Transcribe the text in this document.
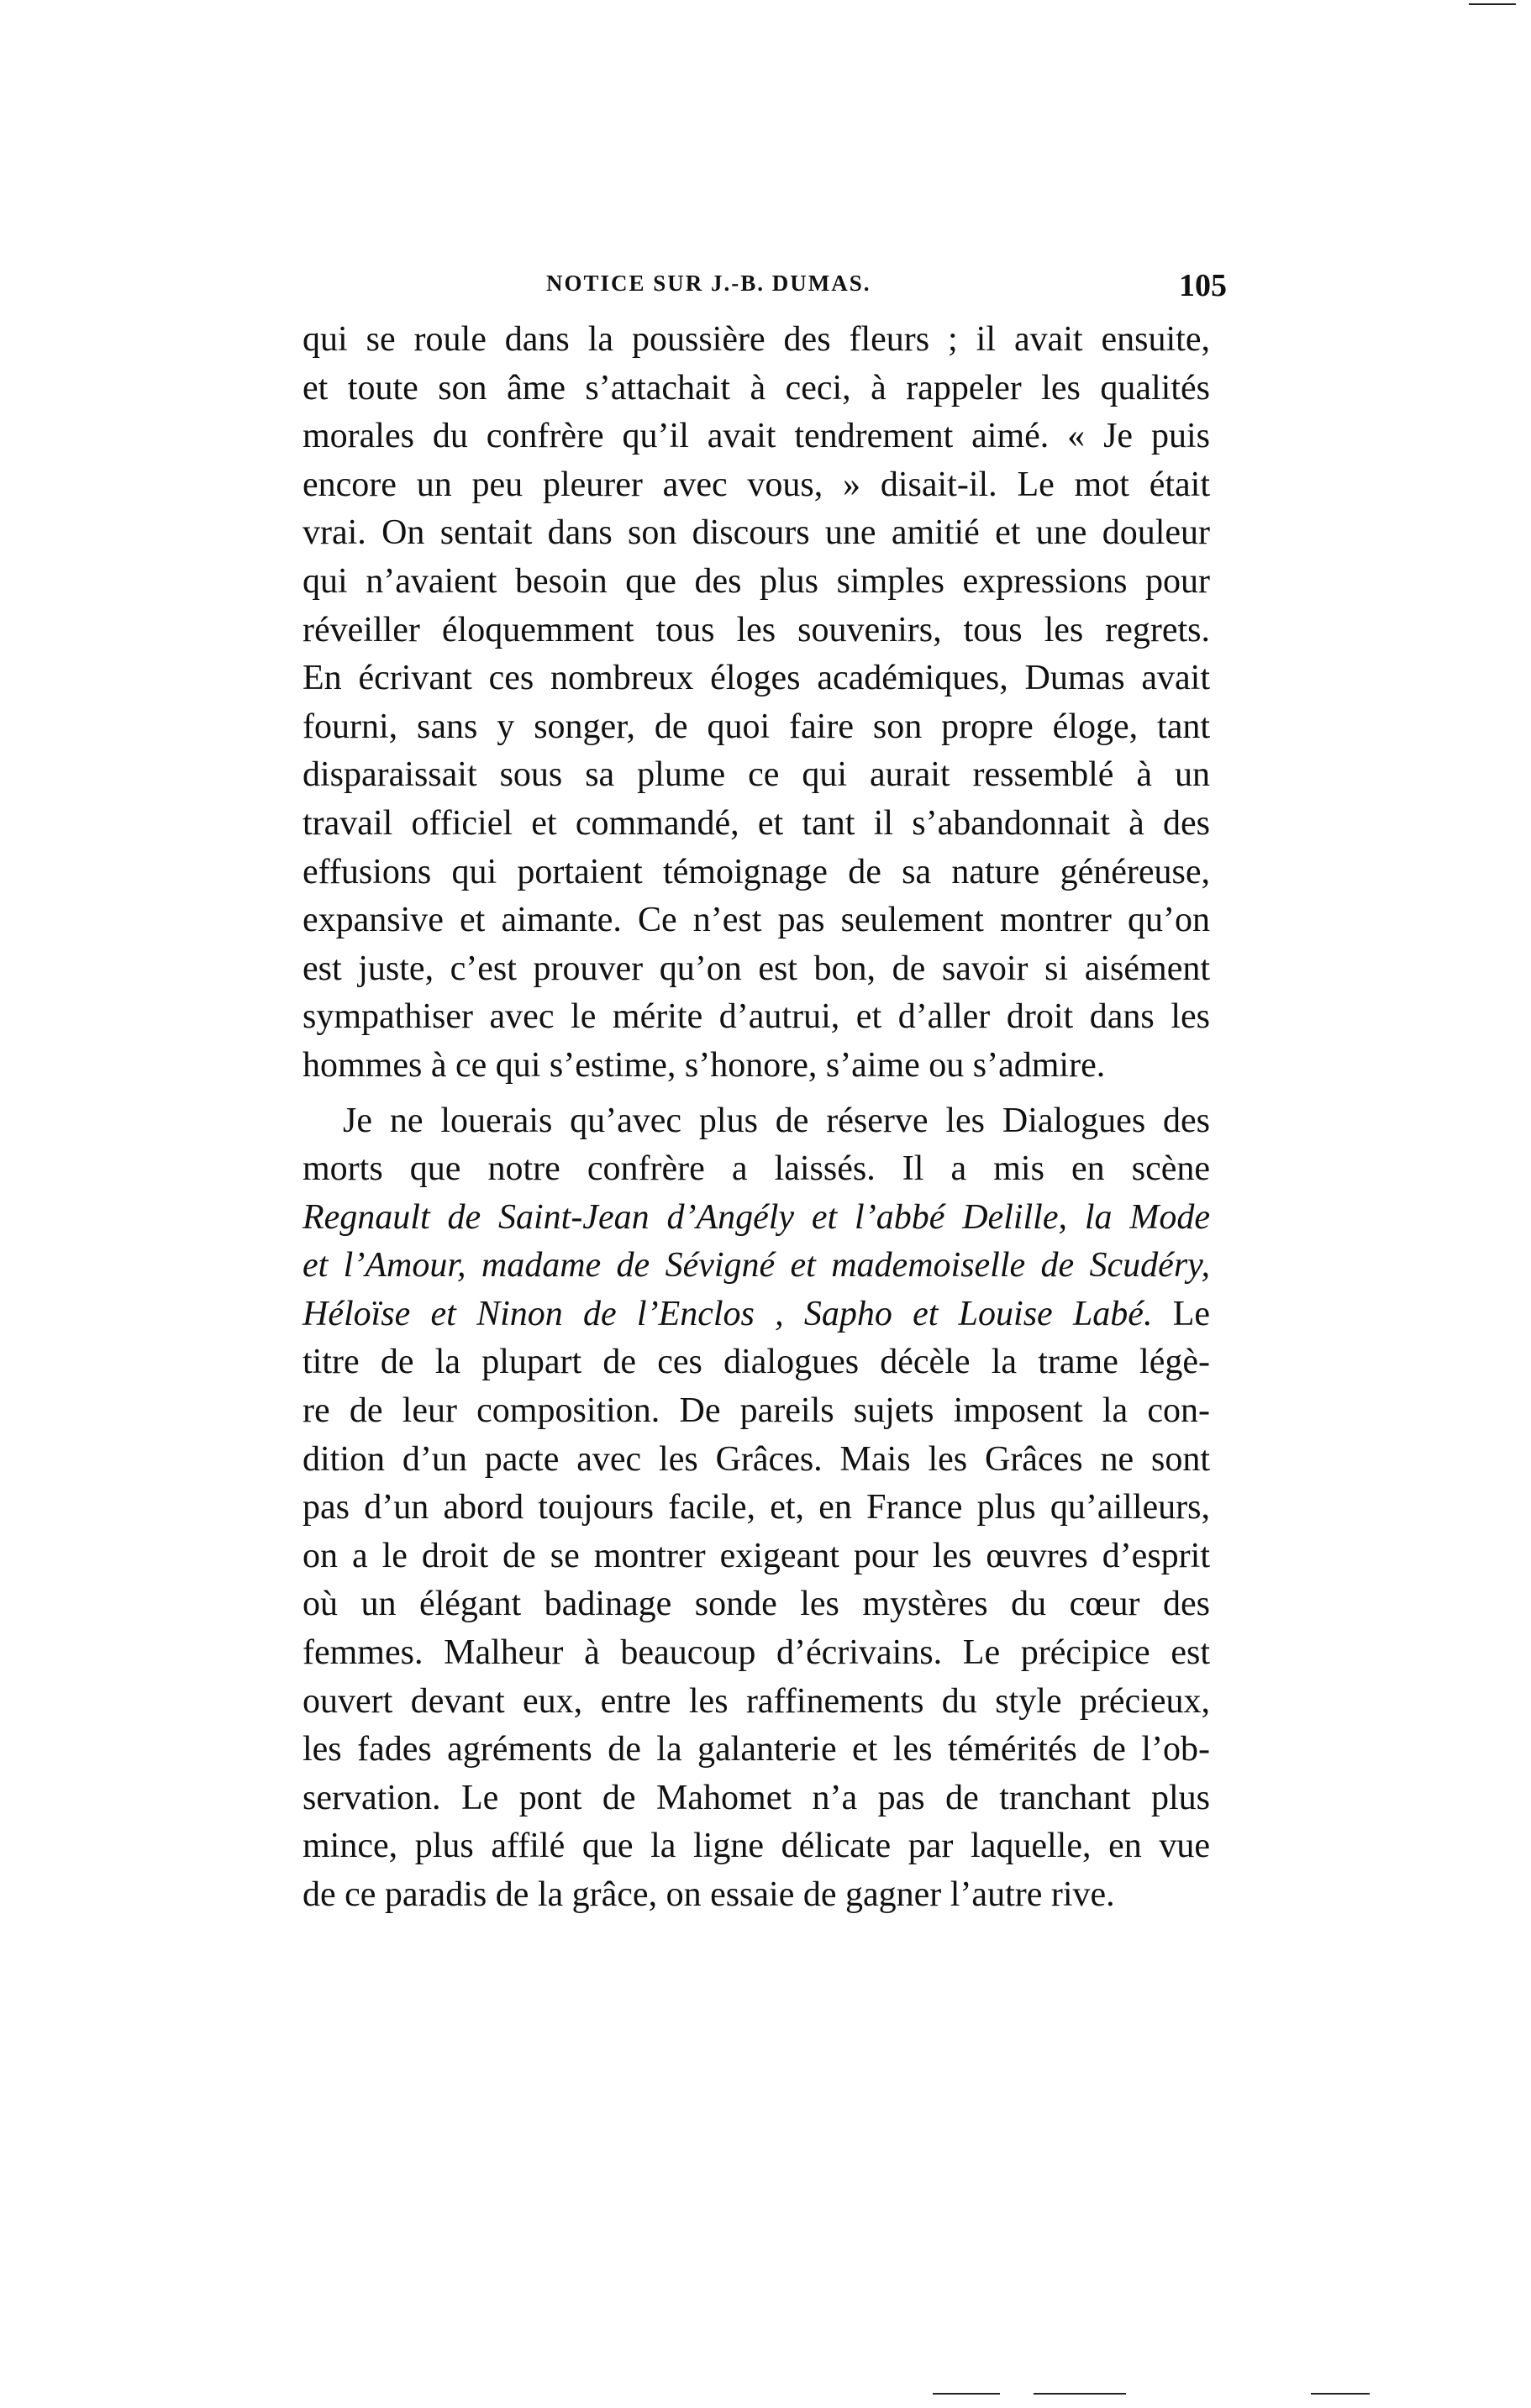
NOTICE SUR J.-B. DUMAS.	105

qui se roule dans la poussière des fleurs ; il avait ensuite,
et toute son âme s’attachait à ceci, à rappeler les qualités
morales du confrère qu’il avait tendrement aimé. « Je puis
encore un peu pleurer avec vous, » disait-il. Le mot était
vrai. On sentait dans son discours une amitié et une douleur
qui n’avaient besoin que des plus simples expressions pour
réveiller éloquemment tous les souvenirs, tous les regrets.
En écrivant ces nombreux éloges académiques, Dumas avait
fourni, sans y songer, de quoi faire son propre éloge, tant
disparaissait sous sa plume ce qui aurait ressemblé à un
travail officiel et commandé, et tant il s’abandonnait à des
effusions qui portaient témoignage de sa nature généreuse,
expansive et aimante. Ce n’est pas seulement montrer qu’on
est juste, c’est prouver qu’on est bon, de savoir si aisément
sympathiser avec le mérite d’autrui, et d’aller droit dans les
hommes à ce qui s’estime, s’honore, s’aime ou s’admire.

Je ne louerais qu’avec plus de réserve les Dialogues des
morts que notre confrère a laissés. Il a mis en scène
Regnault de Saint-Jean d’Angély et l’abbé Delille, la Mode
et l’Amour, madame de Sévigné et mademoiselle de Scudéry,
Héloïse et Ninon de l’Enclos , Sapho et Louise Labé. Le
titre de la plupart de ces dialogues décèle la trame légè-
re de leur composition. De pareils sujets imposent la con-
dition d’un pacte avec les Grâces. Mais les Grâces ne sont
pas d’un abord toujours facile, et, en France plus qu’ailleurs,
on a le droit de se montrer exigeant pour les œuvres d’esprit
où un élégant badinage sonde les mystères du cœur des
femmes. Malheur à beaucoup d’écrivains. Le précipice est
ouvert devant eux, entre les raffinements du style précieux,
les fades agréments de la galanterie et les témérités de l’ob-
servation. Le pont de Mahomet n’a pas de tranchant plus
mince, plus affilé que la ligne délicate par laquelle, en vue
de ce paradis de la grâce, on essaie de gagner l’autre rive.
